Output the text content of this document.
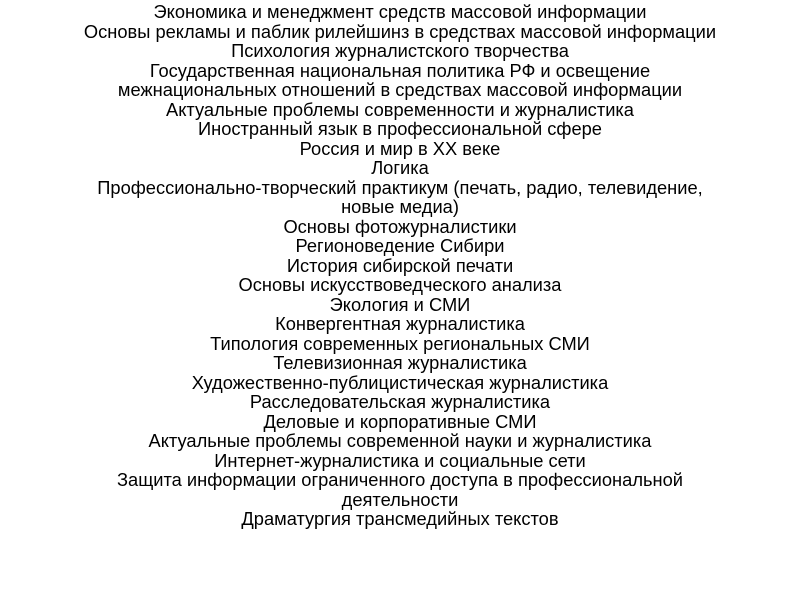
Экономика и менеджмент средств массовой информации
Основы рекламы и паблик рилейшинз в средствах массовой информации
Психология журналистского творчества
Государственная национальная политика РФ и освещение
межнациональных отношений в средствах массовой информации
Актуальные проблемы современности и журналистика
Иностранный язык в профессиональной сфере
Россия и мир в XX веке
Логика
Профессионально-творческий практикум (печать, радио, телевидение,
новые медиа)
Основы фотожурналистики
Регионоведение Сибири
История сибирской печати
Основы искусствоведческого анализа
Экология и СМИ
Конвергентная журналистика
Типология современных региональных СМИ
Телевизионная журналистика
Художественно-публицистическая журналистика
Расследовательская журналистика
Деловые и корпоративные СМИ
Актуальные проблемы современной науки и журналистика
Интернет-журналистика и социальные сети
Защита информации ограниченного доступа в профессиональной
деятельности
Драматургия трансмедийных текстов
